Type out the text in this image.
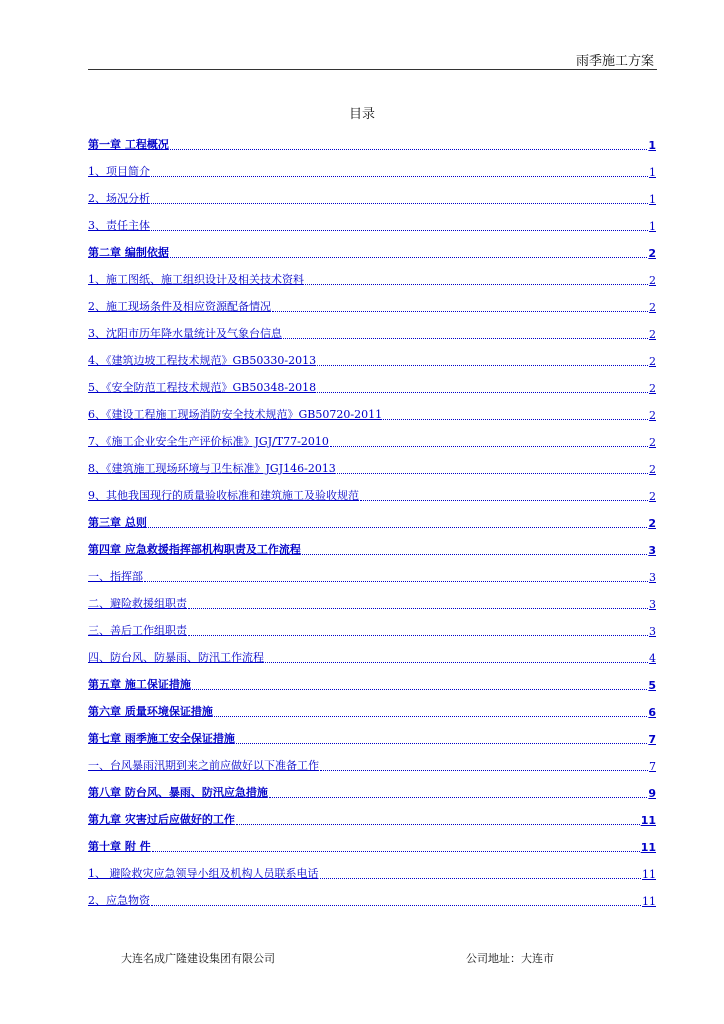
雨季施工方案
目录
第一章 工程概况	1
1、项目简介	1
2、场况分析	1
3、责任主体	1
第二章 编制依据	2
1、施工图纸、施工组织设计及相关技术资料	2
2、施工现场条件及相应资源配备情况	2
3、沈阳市历年降水量统计及气象台信息	2
4、《建筑边坡工程技术规范》GB50330-2013	2
5、《安全防范工程技术规范》GB50348-2018	2
6、《建设工程施工现场消防安全技术规范》GB50720-2011	2
7、《施工企业安全生产评价标准》JGJ/T77-2010	2
8、《建筑施工现场环境与卫生标准》JGJ146-2013	2
9、其他我国现行的质量验收标准和建筑施工及验收规范	2
第三章 总则	2
第四章 应急救援指挥部机构职责及工作流程	3
一、指挥部	3
二、避险救援组职责	3
三、善后工作组职责	3
四、防台风、防暴雨、防汛工作流程	4
第五章 施工保证措施	5
第六章 质量环境保证措施	6
第七章 雨季施工安全保证措施	7
一、台风暴雨汛期到来之前应做好以下准备工作	7
第八章 防台风、暴雨、防汛应急措施	9
第九章 灾害过后应做好的工作	11
第十章 附 件	11
1、 避险救灾应急领导小组及机构人员联系电话	11
2、应急物资	11
大连名成广隆建设集团有限公司	公司地址：大连市
